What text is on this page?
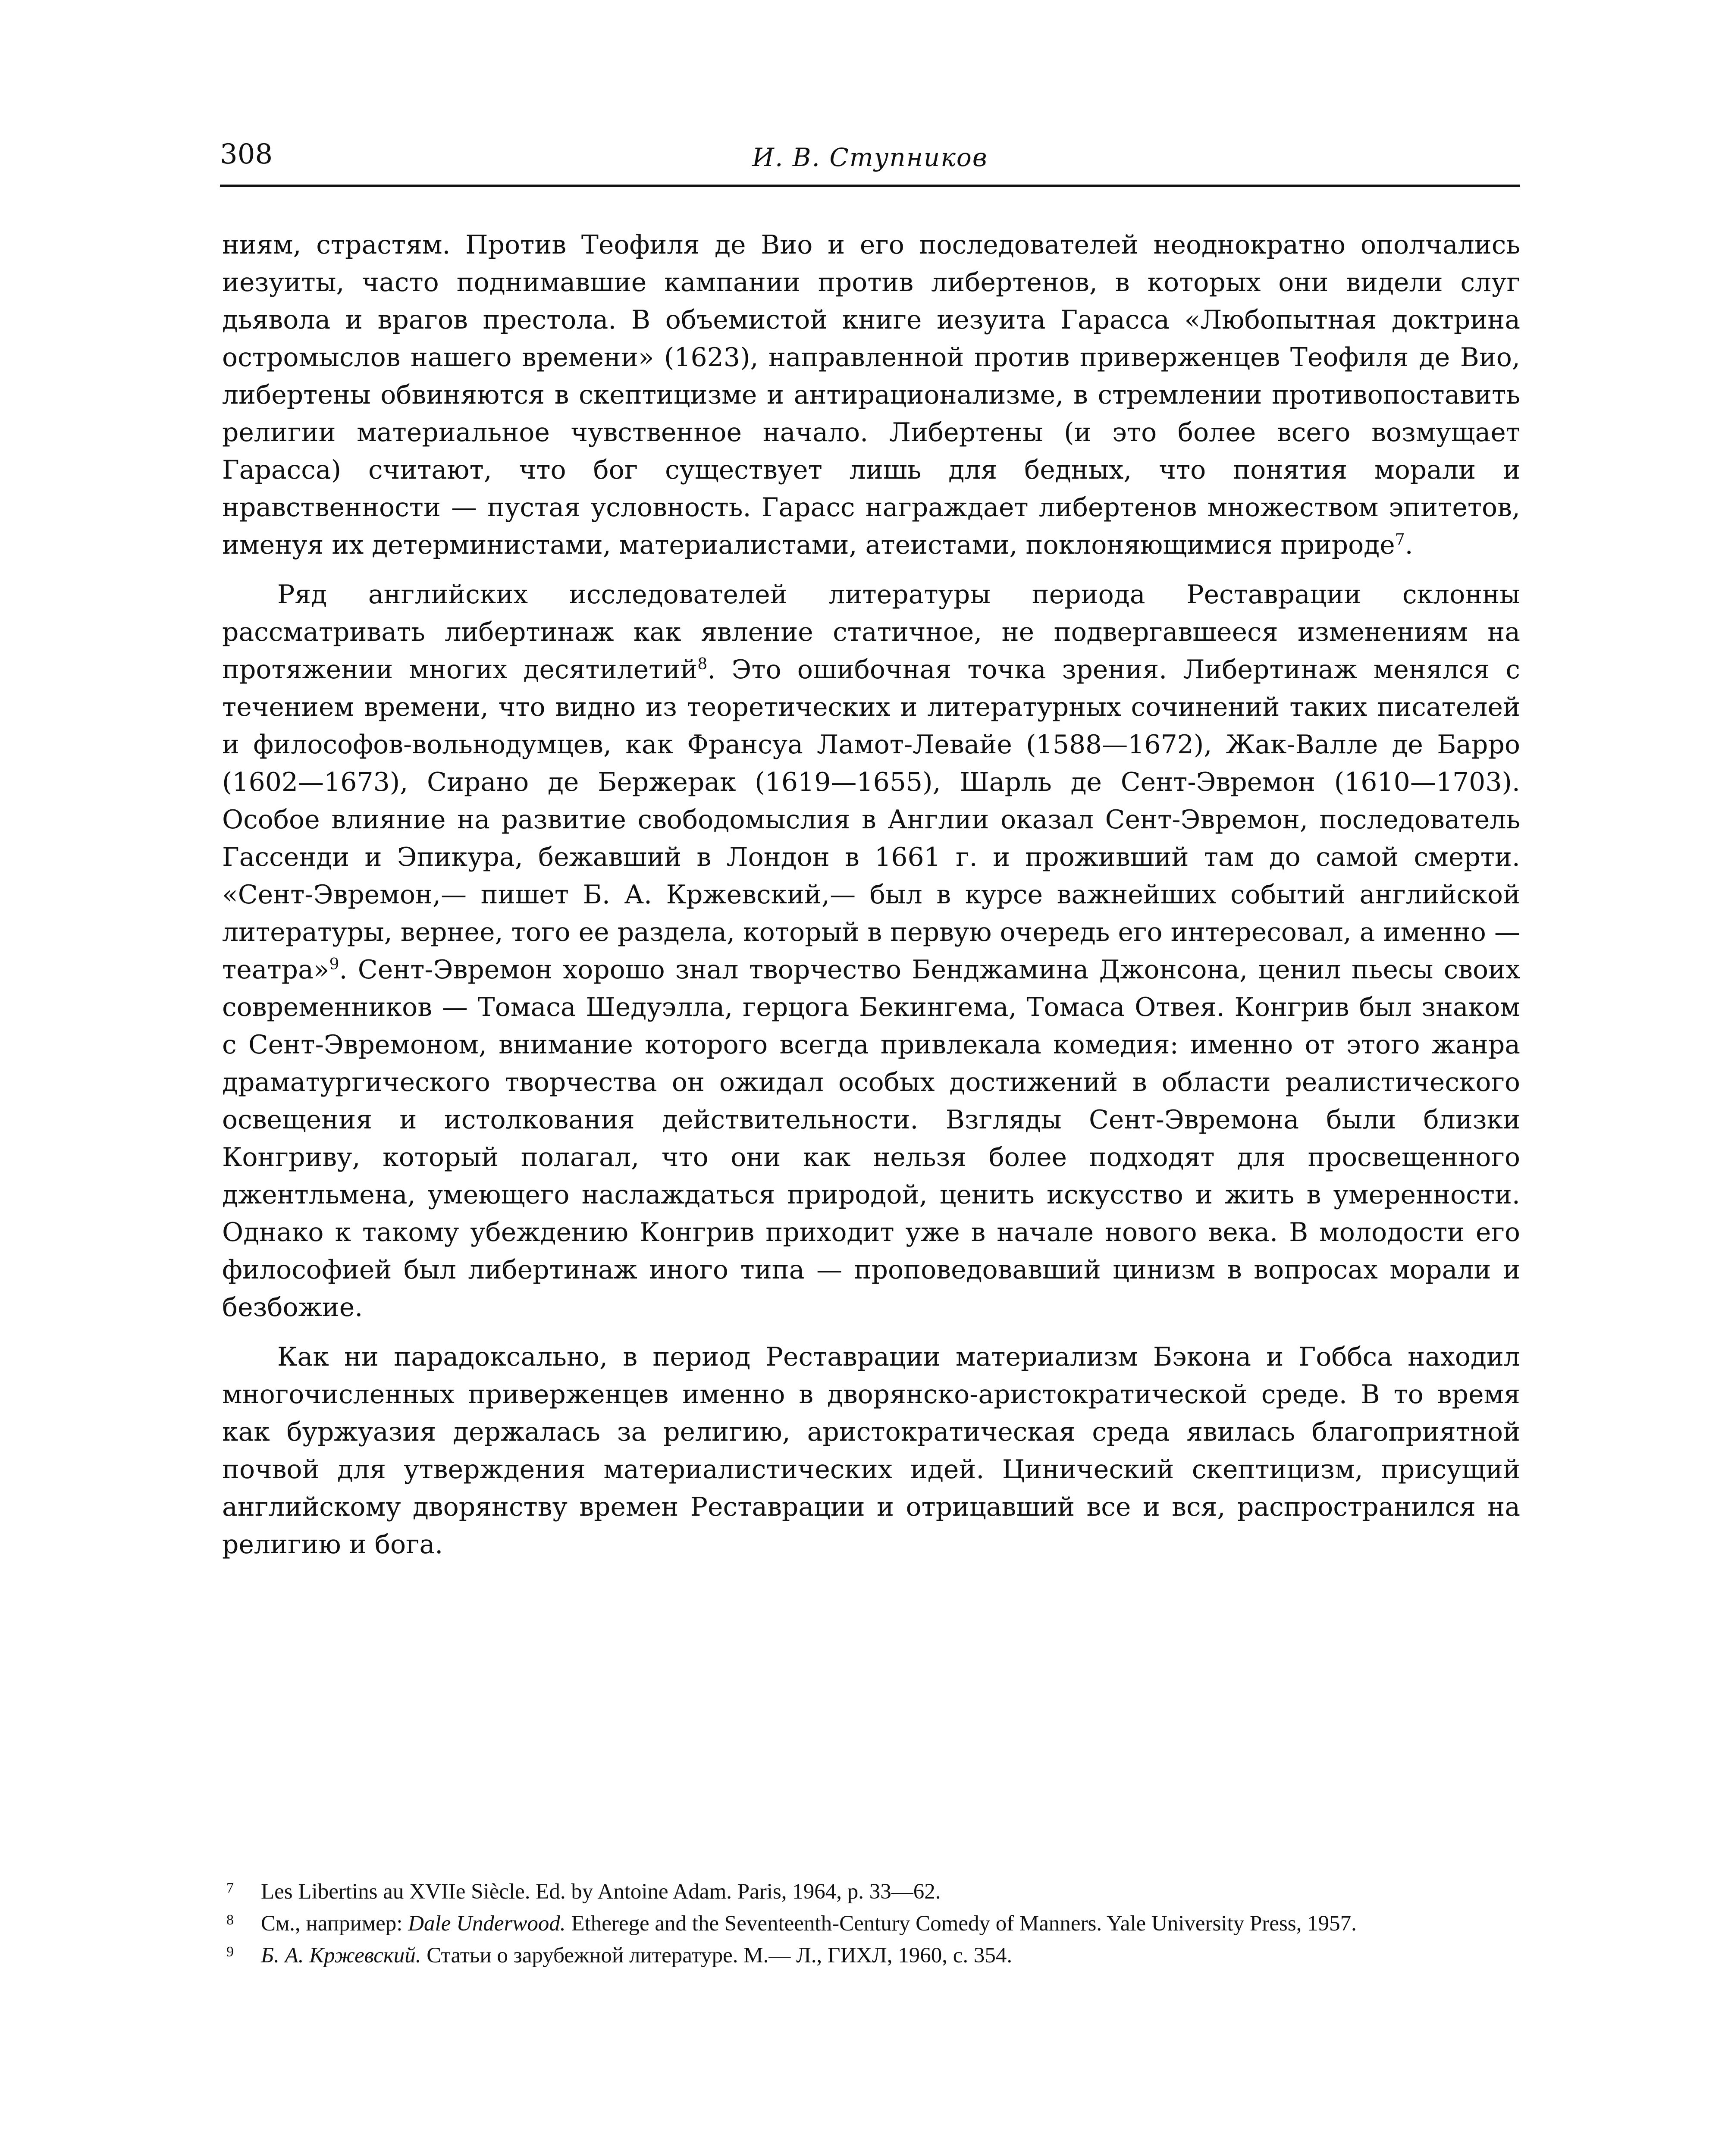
308	И. В. Ступников

ниям, страстям. Против Теофиля де Вио и его последователей неоднократно ополчались иезуиты, часто поднимавшие кампании против либертенов, в которых они видели слуг дьявола и врагов престола. В объемистой книге иезуита Гарасса «Любопытная доктрина остромыслов нашего времени» (1623), направленной против приверженцев Теофиля де Вио, либертены обвиняются в скептицизме и антирационализме, в стремлении противопоставить религии материальное чувственное начало. Либертены (и это более всего возмущает Гарасса) считают, что бог существует лишь для бедных, что понятия морали и нравственности — пустая условность. Гарасс награждает либертенов множеством эпитетов, именуя их детерминистами, материалистами, атеистами, поклоняющимися природе$^7$.

Ряд английских исследователей литературы периода Реставрации склонны рассматривать либертинаж как явление статичное, не подвергавшееся изменениям на протяжении многих десятилетий$^8$. Это ошибочная точка зрения. Либертинаж менялся с течением времени, что видно из теоретических и литературных сочинений таких писателей и философов-вольнодумцев, как Франсуа Ламот-Левайе (1588—1672), Жак-Валле де Барро (1602—1673), Сирано де Бержерак (1619—1655), Шарль де Сент-Эвремон (1610—1703). Особое влияние на развитие свободомыслия в Англии оказал Сент-Эвремон, последователь Гассенди и Эпикура, бежавший в Лондон в 1661 г. и проживший там до самой смерти. «Сент-Эвремон,— пишет Б. А. Кржевский,— был в курсе важнейших событий английской литературы, вернее, того ее раздела, который в первую очередь его интересовал, а именно — театра»$^9$. Сент-Эвремон хорошо знал творчество Бенджамина Джонсона, ценил пьесы своих современников — Томаса Шедуэлла, герцога Бекингема, Томаса Отвея. Конгрив был знаком с Сент-Эвремоном, внимание которого всегда привлекала комедия: именно от этого жанра драматургического творчества он ожидал особых достижений в области реалистического освещения и истолкования действительности. Взгляды Сент-Эвремона были близки Конгриву, который полагал, что они как нельзя более подходят для просвещенного джентльмена, умеющего наслаждаться природой, ценить искусство и жить в умеренности. Однако к такому убеждению Конгрив приходит уже в начале нового века. В молодости его философией был либертинаж иного типа — проповедовавший цинизм в вопросах морали и безбожие.

Как ни парадоксально, в период Реставрации материализм Бэкона и Гоббса находил многочисленных приверженцев именно в дворянско-аристократической среде. В то время как буржуазия держалась за религию, аристократическая среда явилась благоприятной почвой для утверждения материалистических идей. Цинический скептицизм, присущий английскому дворянству времен Реставрации и отрицавший все и вся, распространился на религию и бога.

7 Les Libertins au XVIIe Siècle. Ed. by Antoine Adam. Paris, 1964, p. 33—62.
8 См., например: Dale Underwood. Etherege and the Seventeenth-Century Comedy of Manners. Yale University Press, 1957.
9 Б. А. Кржевский. Статьи о зарубежной литературе. М.— Л., ГИХЛ, 1960, с. 354.
